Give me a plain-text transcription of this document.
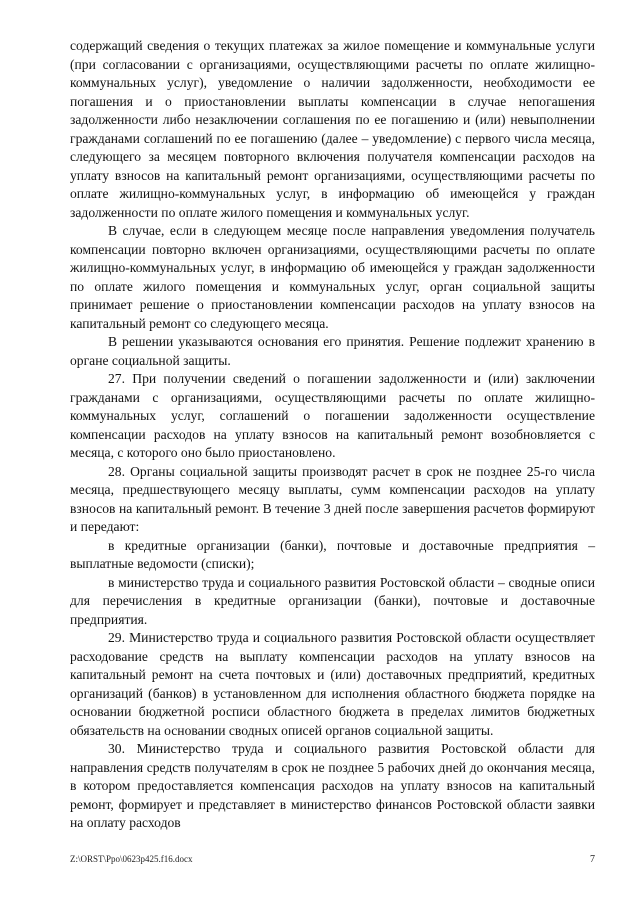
содержащий сведения о текущих платежах за жилое помещение и коммунальные услуги (при согласовании с организациями, осуществляющими расчеты по оплате жилищно-коммунальных услуг), уведомление о наличии задолженности, необходимости ее погашения и о приостановлении выплаты компенсации в случае непогашения задолженности либо незаключении соглашения по ее погашению и (или) невыполнении гражданами соглашений по ее погашению (далее – уведомление) с первого числа месяца, следующего за месяцем повторного включения получателя компенсации расходов на уплату взносов на капитальный ремонт организациями, осуществляющими расчеты по оплате жилищно-коммунальных услуг, в информацию об имеющейся у граждан задолженности по оплате жилого помещения и коммунальных услуг.

В случае, если в следующем месяце после направления уведомления получатель компенсации повторно включен организациями, осуществляющими расчеты по оплате жилищно-коммунальных услуг, в информацию об имеющейся у граждан задолженности по оплате жилого помещения и коммунальных услуг, орган социальной защиты принимает решение о приостановлении компенсации расходов на уплату взносов на капитальный ремонт со следующего месяца.

В решении указываются основания его принятия. Решение подлежит хранению в органе социальной защиты.

27. При получении сведений о погашении задолженности и (или) заключении гражданами с организациями, осуществляющими расчеты по оплате жилищно-коммунальных услуг, соглашений о погашении задолженности осуществление компенсации расходов на уплату взносов на капитальный ремонт возобновляется с месяца, с которого оно было приостановлено.

28. Органы социальной защиты производят расчет в срок не позднее 25-го числа месяца, предшествующего месяцу выплаты, сумм компенсации расходов на уплату взносов на капитальный ремонт. В течение 3 дней после завершения расчетов формируют и передают:

в кредитные организации (банки), почтовые и доставочные предприятия – выплатные ведомости (списки);

в министерство труда и социального развития Ростовской области – сводные описи для перечисления в кредитные организации (банки), почтовые и доставочные предприятия.

29. Министерство труда и социального развития Ростовской области осуществляет расходование средств на выплату компенсации расходов на уплату взносов на капитальный ремонт на счета почтовых и (или) доставочных предприятий, кредитных организаций (банков) в установленном для исполнения областного бюджета порядке на основании бюджетной росписи областного бюджета в пределах лимитов бюджетных обязательств на основании сводных описей органов социальной защиты.

30. Министерство труда и социального развития Ростовской области для направления средств получателям в срок не позднее 5 рабочих дней до окончания месяца, в котором предоставляется компенсация расходов на уплату взносов на капитальный ремонт, формирует и представляет в министерство финансов Ростовской области заявки на оплату расходов

Z:\ORST\Ppo\0623p425.f16.docx	7
